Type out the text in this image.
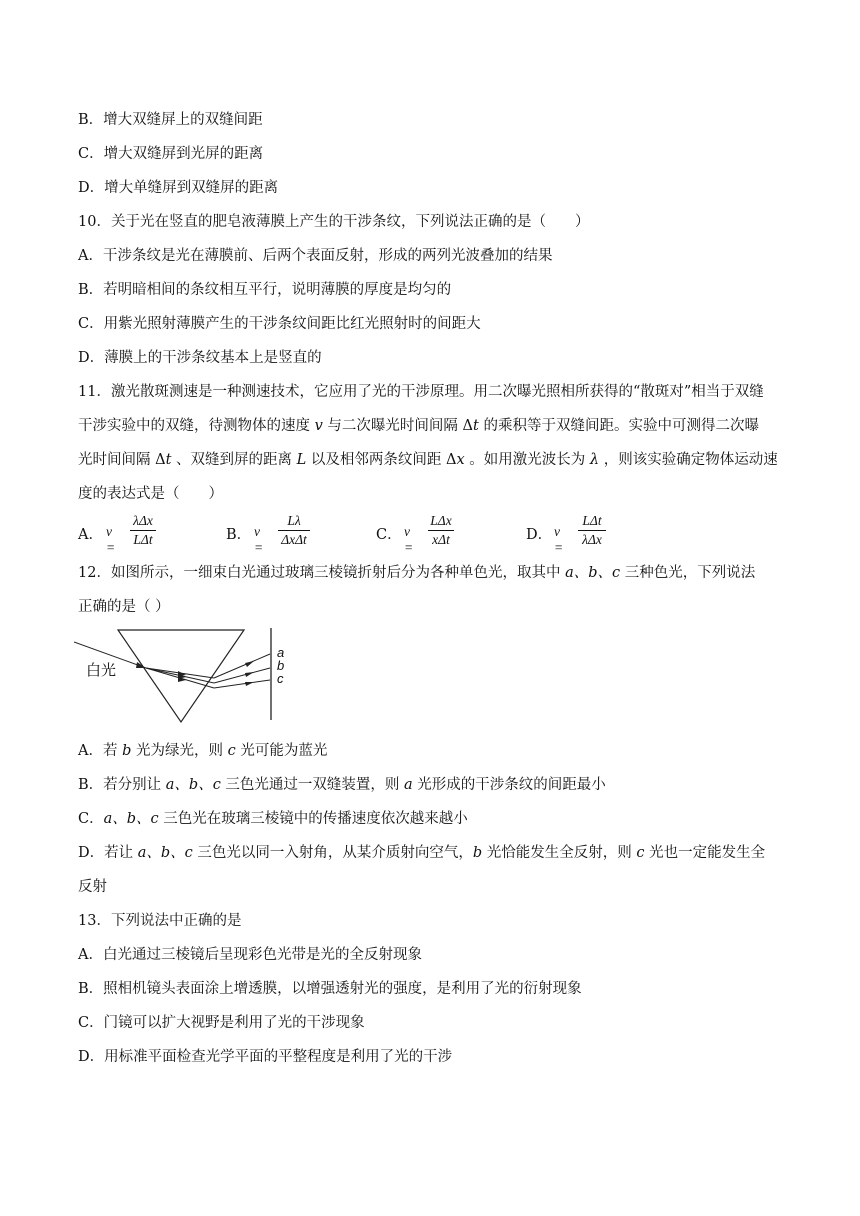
B．增大双缝屏上的双缝间距
C．增大双缝屏到光屏的距离
D．增大单缝屏到双缝屏的距离
10．关于光在竖直的肥皂液薄膜上产生的干涉条纹，下列说法正确的是（　　）
A．干涉条纹是光在薄膜前、后两个表面反射，形成的两列光波叠加的结果
B．若明暗相间的条纹相互平行，说明薄膜的厚度是均匀的
C．用紫光照射薄膜产生的干涉条纹间距比红光照射时的间距大
D．薄膜上的干涉条纹基本上是竖直的
11．激光散斑测速是一种测速技术，它应用了光的干涉原理。用二次曝光照相所获得的“散斑对”相当于双缝
干涉实验中的双缝，待测物体的速度 v 与二次曝光时间间隔 Δt 的乘积等于双缝间距。实验中可测得二次曝
光时间间隔 Δt 、双缝到屏的距离 L 以及相邻两条纹间距 Δx 。如用激光波长为 λ ，则该实验确定物体运动速
度的表达式是（　　）
A． v =
λΔx
LΔt	B． v =
Lλ
ΔxΔt	C． v =
LΔx
xΔt	D． v =
LΔt
λΔx
12．如图所示，一细束白光通过玻璃三棱镜折射后分为各种单色光，取其中 a、b、c 三种色光，下列说法
正确的是（ ）
白光
a
b
c
A．若 b 光为绿光，则 c 光可能为蓝光
B．若分别让 a、b、c 三色光通过一双缝装置，则 a 光形成的干涉条纹的间距最小
C．a、b、c 三色光在玻璃三棱镜中的传播速度依次越来越小
D．若让 a、b、c 三色光以同一入射角，从某介质射向空气，b 光恰能发生全反射，则 c 光也一定能发生全
反射
13．下列说法中正确的是
A．白光通过三棱镜后呈现彩色光带是光的全反射现象
B．照相机镜头表面涂上增透膜，以增强透射光的强度，是利用了光的衍射现象
C．门镜可以扩大视野是利用了光的干涉现象
D．用标准平面检查光学平面的平整程度是利用了光的干涉
